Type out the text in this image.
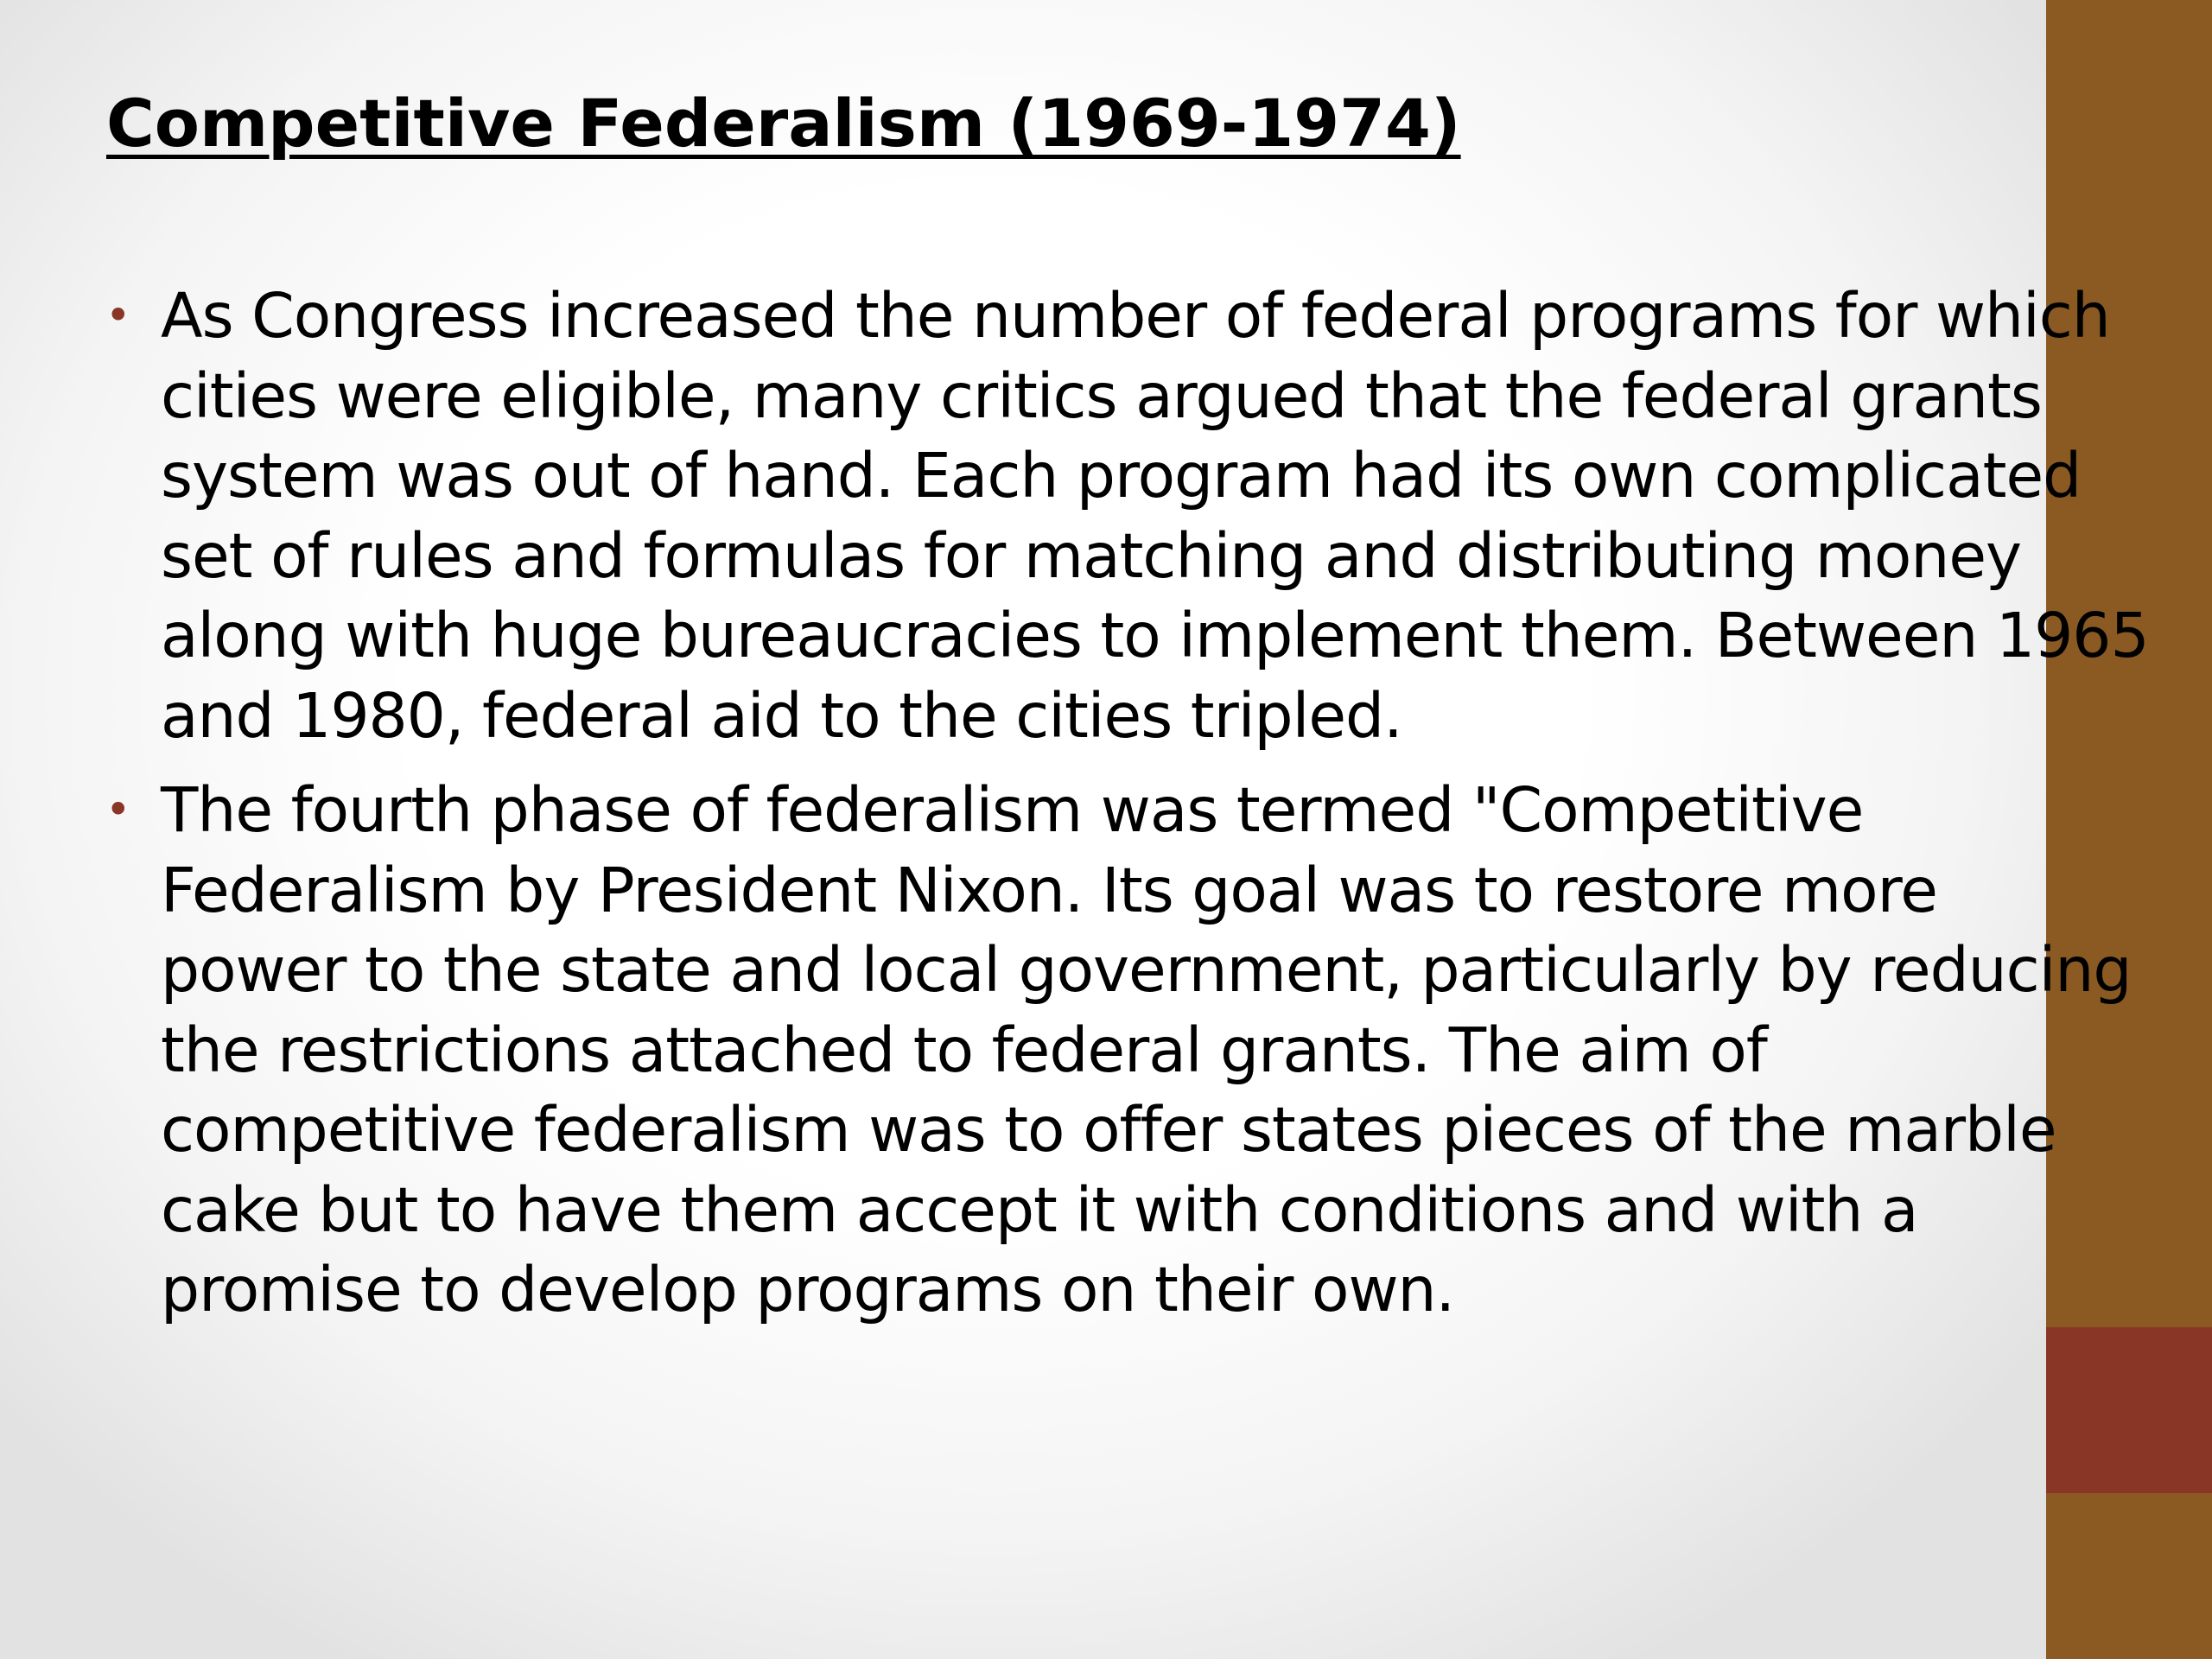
Competitive Federalism (1969-1974)
• As Congress increased the number of federal programs for which
cities were eligible, many critics argued that the federal grants
system was out of hand. Each program had its own complicated
set of rules and formulas for matching and distributing money
along with huge bureaucracies to implement them. Between 1965
and 1980, federal aid to the cities tripled.
• The fourth phase of federalism was termed "Competitive
Federalism by President Nixon. Its goal was to restore more
power to the state and local government, particularly by reducing
the restrictions attached to federal grants. The aim of
competitive federalism was to offer states pieces of the marble
cake but to have them accept it with conditions and with a
promise to develop programs on their own.
